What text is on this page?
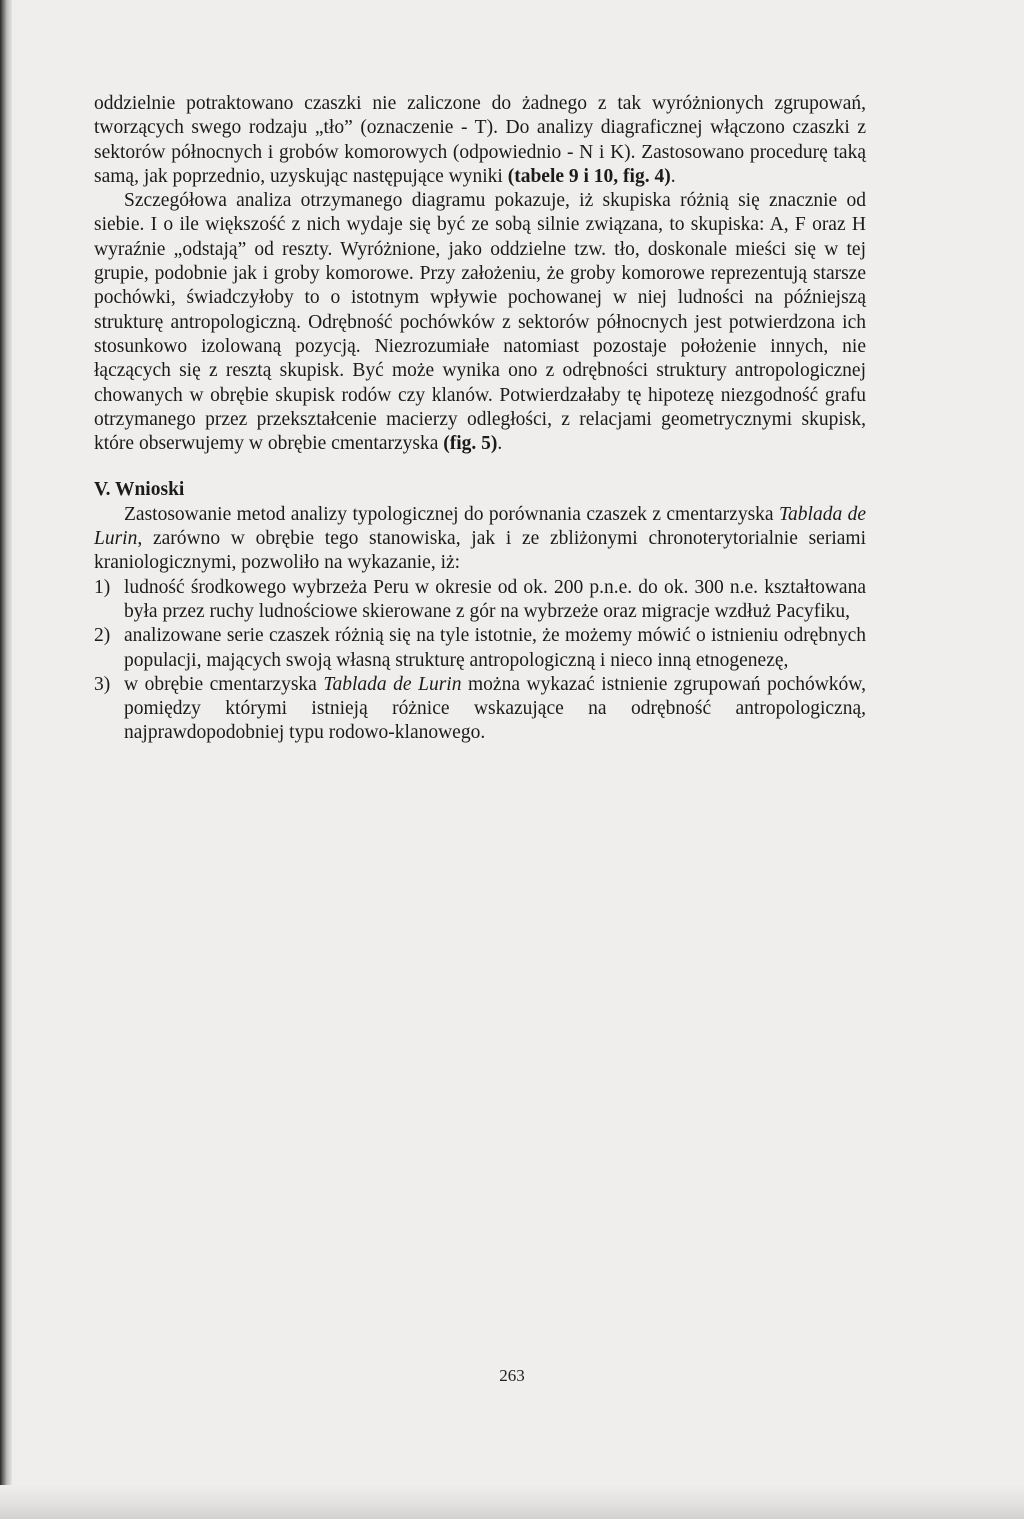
oddzielnie potraktowano czaszki nie zaliczone do żadnego z tak wyróżnionych zgrupowań, tworzących swego rodzaju „tło” (oznaczenie - T). Do analizy diagraficznej włączono czaszki z sektorów północnych i grobów komorowych (odpowiednio - N i K). Zastosowano procedurę taką samą, jak poprzednio, uzyskując następujące wyniki (tabele 9 i 10, fig. 4).

Szczegółowa analiza otrzymanego diagramu pokazuje, iż skupiska różnią się znacznie od siebie. I o ile większość z nich wydaje się być ze sobą silnie związana, to skupiska: A, F oraz H wyraźnie „odstają” od reszty. Wyróżnione, jako oddzielne tzw. tło, doskonale mieści się w tej grupie, podobnie jak i groby komorowe. Przy założeniu, że groby komorowe reprezentują starsze pochówki, świadczyłoby to o istotnym wpływie pochowanej w niej ludności na późniejszą strukturę antropologiczną. Odrębność pochówków z sektorów północnych jest potwierdzona ich stosunkowo izolowaną pozycją. Niezrozumiałe natomiast pozostaje położenie innych, nie łączących się z resztą skupisk. Być może wynika ono z odrębności struktury antropologicznej chowanych w obrębie skupisk rodów czy klanów. Potwierdzałaby tę hipotezę niezgodność grafu otrzymanego przez przekształcenie macierzy odległości, z relacjami geometrycznymi skupisk, które obserwujemy w obrębie cmentarzyska (fig. 5).

V. Wnioski

Zastosowanie metod analizy typologicznej do porównania czaszek z cmentarzyska Tablada de Lurin, zarówno w obrębie tego stanowiska, jak i ze zbliżonymi chronoterytorialnie seriami kraniologicznymi, pozwoliło na wykazanie, iż:

1) ludność środkowego wybrzeża Peru w okresie od ok. 200 p.n.e. do ok. 300 n.e. kształtowana była przez ruchy ludnościowe skierowane z gór na wybrzeże oraz migracje wzdłuż Pacyfiku,
2) analizowane serie czaszek różnią się na tyle istotnie, że możemy mówić o istnieniu odrębnych populacji, mających swoją własną strukturę antropologiczną i nieco inną etnogenezę,
3) w obrębie cmentarzyska Tablada de Lurin można wykazać istnienie zgrupowań pochówków, pomiędzy którymi istnieją różnice wskazujące na odrębność antropologiczną, najprawdopodobniej typu rodowo-klanowego.
263
